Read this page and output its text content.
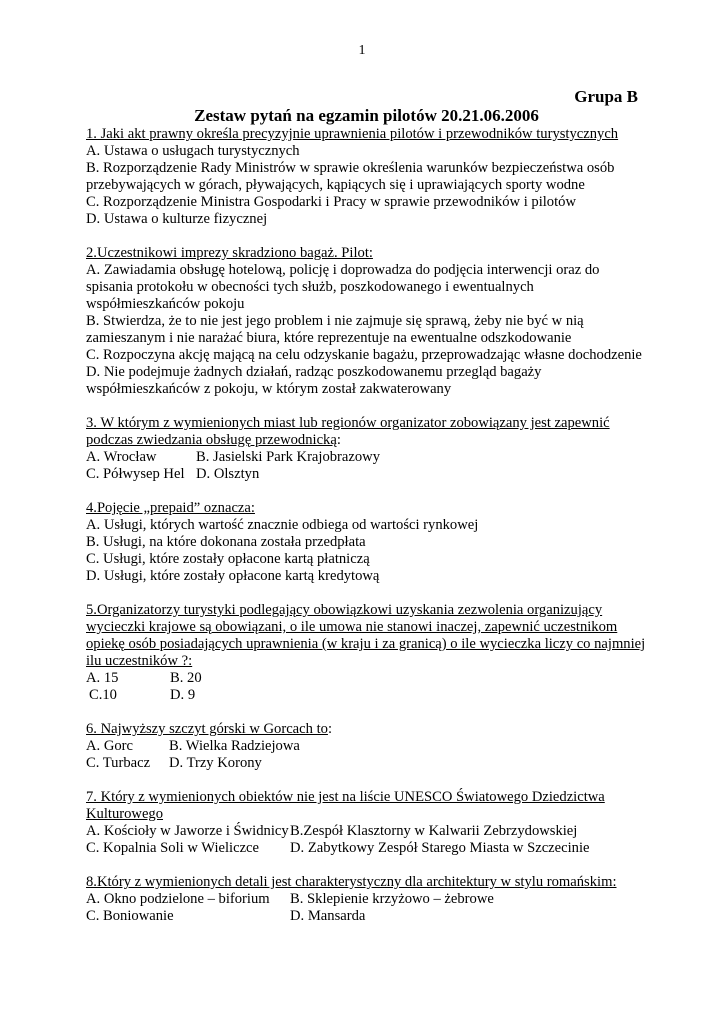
1
Grupa B
Zestaw pytań na egzamin pilotów 20.21.06.2006
1. Jaki akt prawny określa precyzyjnie uprawnienia pilotów i przewodników turystycznych
A. Ustawa o usługach turystycznych
B. Rozporządzenie Rady Ministrów w sprawie określenia warunków bezpieczeństwa osób przebywających w górach, pływających, kąpiących się i uprawiających sporty wodne
C. Rozporządzenie Ministra Gospodarki i Pracy w sprawie przewodników i pilotów
D. Ustawa o kulturze fizycznej
2.Uczestnikowi imprezy skradziono bagaż. Pilot:
A. Zawiadamia obsługę hotelową, policję i doprowadza do podjęcia interwencji oraz do spisania protokołu w obecności tych służb, poszkodowanego i ewentualnych współmieszkańców pokoju
B. Stwierdza, że to nie jest jego problem i nie zajmuje się sprawą, żeby nie być w nią zamieszanym i nie narażać biura, które reprezentuje na ewentualne odszkodowanie
C. Rozpoczyna akcję mającą na celu odzyskanie bagażu, przeprowadzając własne dochodzenie
D. Nie podejmuje żadnych działań, radząc poszkodowanemu przegląd bagaży współmieszkańców z pokoju, w którym został zakwaterowany
3. W którym z wymienionych miast lub regionów organizator zobowiązany jest zapewnić podczas zwiedzania obsługę przewodnicką:
A. Wrocław	B. Jasielski Park Krajobrazowy
C. Półwysep Hel D. Olsztyn
4.Pojęcie „prepaid” oznacza:
A. Usługi, których wartość znacznie odbiega od wartości rynkowej
B. Usługi, na które dokonana została przedpłata
C. Usługi, które zostały opłacone kartą płatniczą
D. Usługi, które zostały opłacone kartą kredytową
5.Organizatorzy turystyki podlegający obowiązkowi uzyskania zezwolenia organizujący wycieczki krajowe są obowiązani, o ile umowa nie stanowi inaczej, zapewnić uczestnikom opiekę osób posiadających uprawnienia (w kraju i za granicą) o ile wycieczka liczy co najmniej ilu uczestników ?:
A. 15	B. 20
C.10	D. 9
6. Najwyższy szczyt górski w Gorcach to:
A. Gorc	B. Wielka Radziejowa
C. Turbacz	D. Trzy Korony
7. Który z wymienionych obiektów nie jest na liście UNESCO Światowego Dziedzictwa Kulturowego
A. Kościoły w Jaworze i Świdnicy B.Zespół Klasztorny w Kalwarii Zebrzydowskiej
C. Kopalnia Soli w Wieliczce	D. Zabytkowy Zespół Starego Miasta w Szczecinie
8.Który z wymienionych detali jest charakterystyczny dla architektury w stylu romańskim:
A. Okno podzielone – biforium	B. Sklepienie krzyżowo – żebrowe
C. Boniowanie	D. Mansarda
